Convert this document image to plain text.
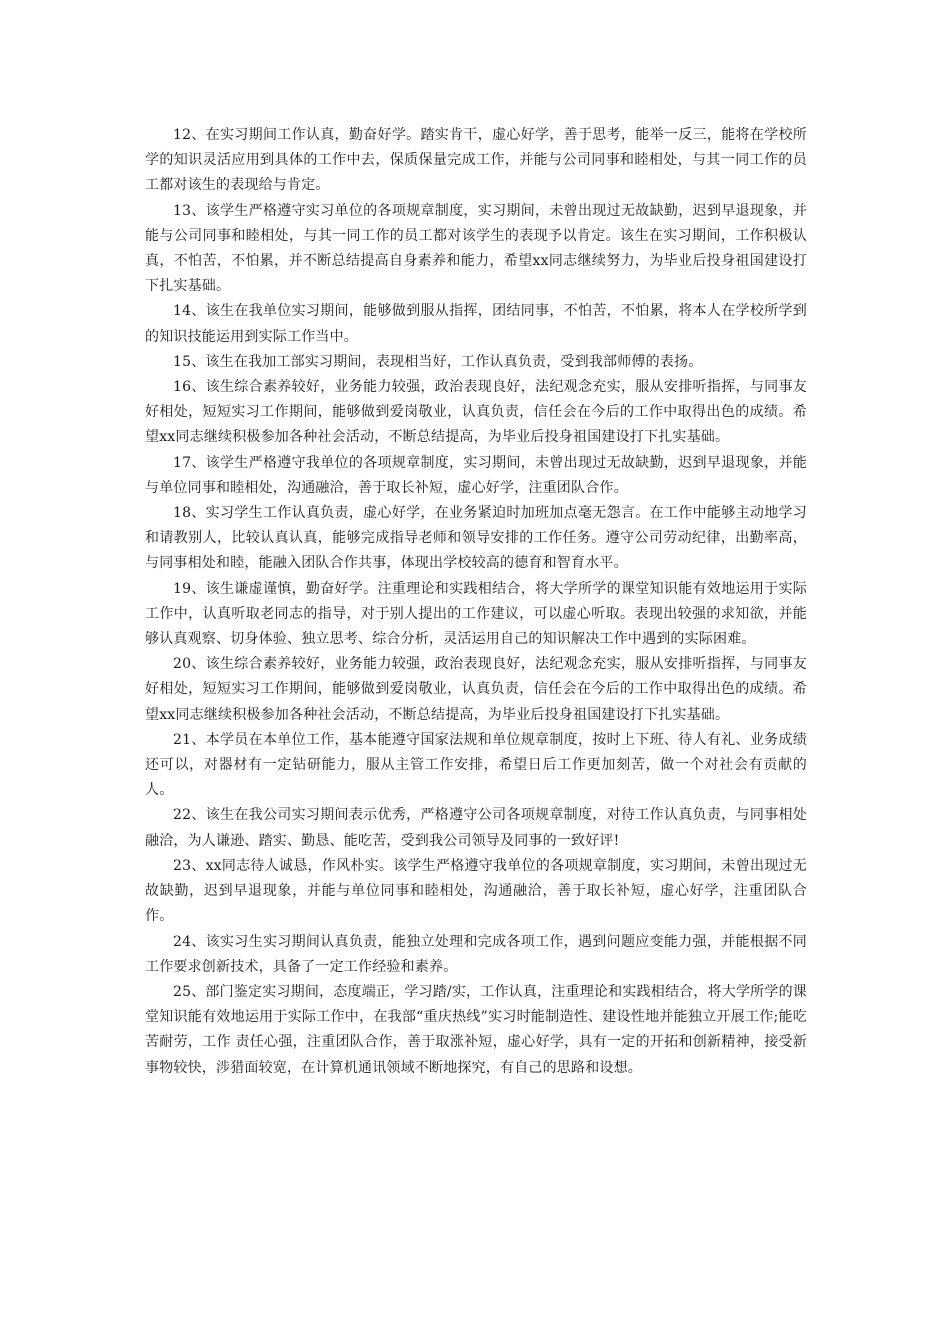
12、在实习期间工作认真，勤奋好学。踏实肯干，虚心好学，善于思考，能举一反三，能将在学校所学的知识灵活应用到具体的工作中去，保质保量完成工作，并能与公司同事和睦相处，与其一同工作的员工都对该生的表现给与肯定。

13、该学生严格遵守实习单位的各项规章制度，实习期间，未曾出现过无故缺勤，迟到早退现象，并能与公司同事和睦相处，与其一同工作的员工都对该学生的表现予以肯定。该生在实习期间，工作积极认真，不怕苦，不怕累，并不断总结提高自身素养和能力，希望xx同志继续努力，为毕业后投身祖国建设打下扎实基础。

14、该生在我单位实习期间，能够做到服从指挥，团结同事，不怕苦，不怕累，将本人在学校所学到的知识技能运用到实际工作当中。

15、该生在我加工部实习期间，表现相当好，工作认真负责，受到我部师傅的表扬。

16、该生综合素养较好，业务能力较强，政治表现良好，法纪观念充实，服从安排听指挥，与同事友好相处，短短实习工作期间，能够做到爱岗敬业，认真负责，信任会在今后的工作中取得出色的成绩。希望xx同志继续积极参加各种社会活动，不断总结提高，为毕业后投身祖国建设打下扎实基础。

17、该学生严格遵守我单位的各项规章制度，实习期间，未曾出现过无故缺勤，迟到早退现象，并能与单位同事和睦相处，沟通融洽，善于取长补短，虚心好学，注重团队合作。

18、实习学生工作认真负责，虚心好学，在业务紧迫时加班加点毫无怨言。在工作中能够主动地学习和请教别人，比较认真认真，能够完成指导老师和领导安排的工作任务。遵守公司劳动纪律，出勤率高，与同事相处和睦，能融入团队合作共事，体现出学校较高的德育和智育水平。

19、该生谦虚谨慎，勤奋好学。注重理论和实践相结合，将大学所学的课堂知识能有效地运用于实际工作中，认真听取老同志的指导，对于别人提出的工作建议，可以虚心听取。表现出较强的求知欲，并能够认真观察、切身体验、独立思考、综合分析，灵活运用自己的知识解决工作中遇到的实际困难。

20、该生综合素养较好，业务能力较强，政治表现良好，法纪观念充实，服从安排听指挥，与同事友好相处，短短实习工作期间，能够做到爱岗敬业，认真负责，信任会在今后的工作中取得出色的成绩。希望xx同志继续积极参加各种社会活动，不断总结提高，为毕业后投身祖国建设打下扎实基础。

21、本学员在本单位工作，基本能遵守国家法规和单位规章制度，按时上下班、待人有礼、业务成绩还可以，对器材有一定钻研能力，服从主管工作安排，希望日后工作更加刻苦，做一个对社会有贡献的人。

22、该生在我公司实习期间表示优秀，严格遵守公司各项规章制度，对待工作认真负责，与同事相处融洽，为人谦逊、踏实、勤恳、能吃苦，受到我公司领导及同事的一致好评!

23、xx同志待人诚恳，作风朴实。该学生严格遵守我单位的各项规章制度，实习期间，未曾出现过无故缺勤，迟到早退现象，并能与单位同事和睦相处，沟通融洽，善于取长补短，虚心好学，注重团队合作。

24、该实习生实习期间认真负责，能独立处理和完成各项工作，遇到问题应变能力强，并能根据不同工作要求创新技术，具备了一定工作经验和素养。

25、部门鉴定实习期间，态度端正，学习踏/实，工作认真，注重理论和实践相结合，将大学所学的课堂知识能有效地运用于实际工作中，在我部“重庆热线”实习时能制造性、建设性地并能独立开展工作;能吃苦耐劳，工作 责任心强，注重团队合作，善于取涨补短，虚心好学，具有一定的开拓和创新精神，接受新事物较快，涉猎面较宽，在计算机通讯领域不断地探究，有自己的思路和设想。
